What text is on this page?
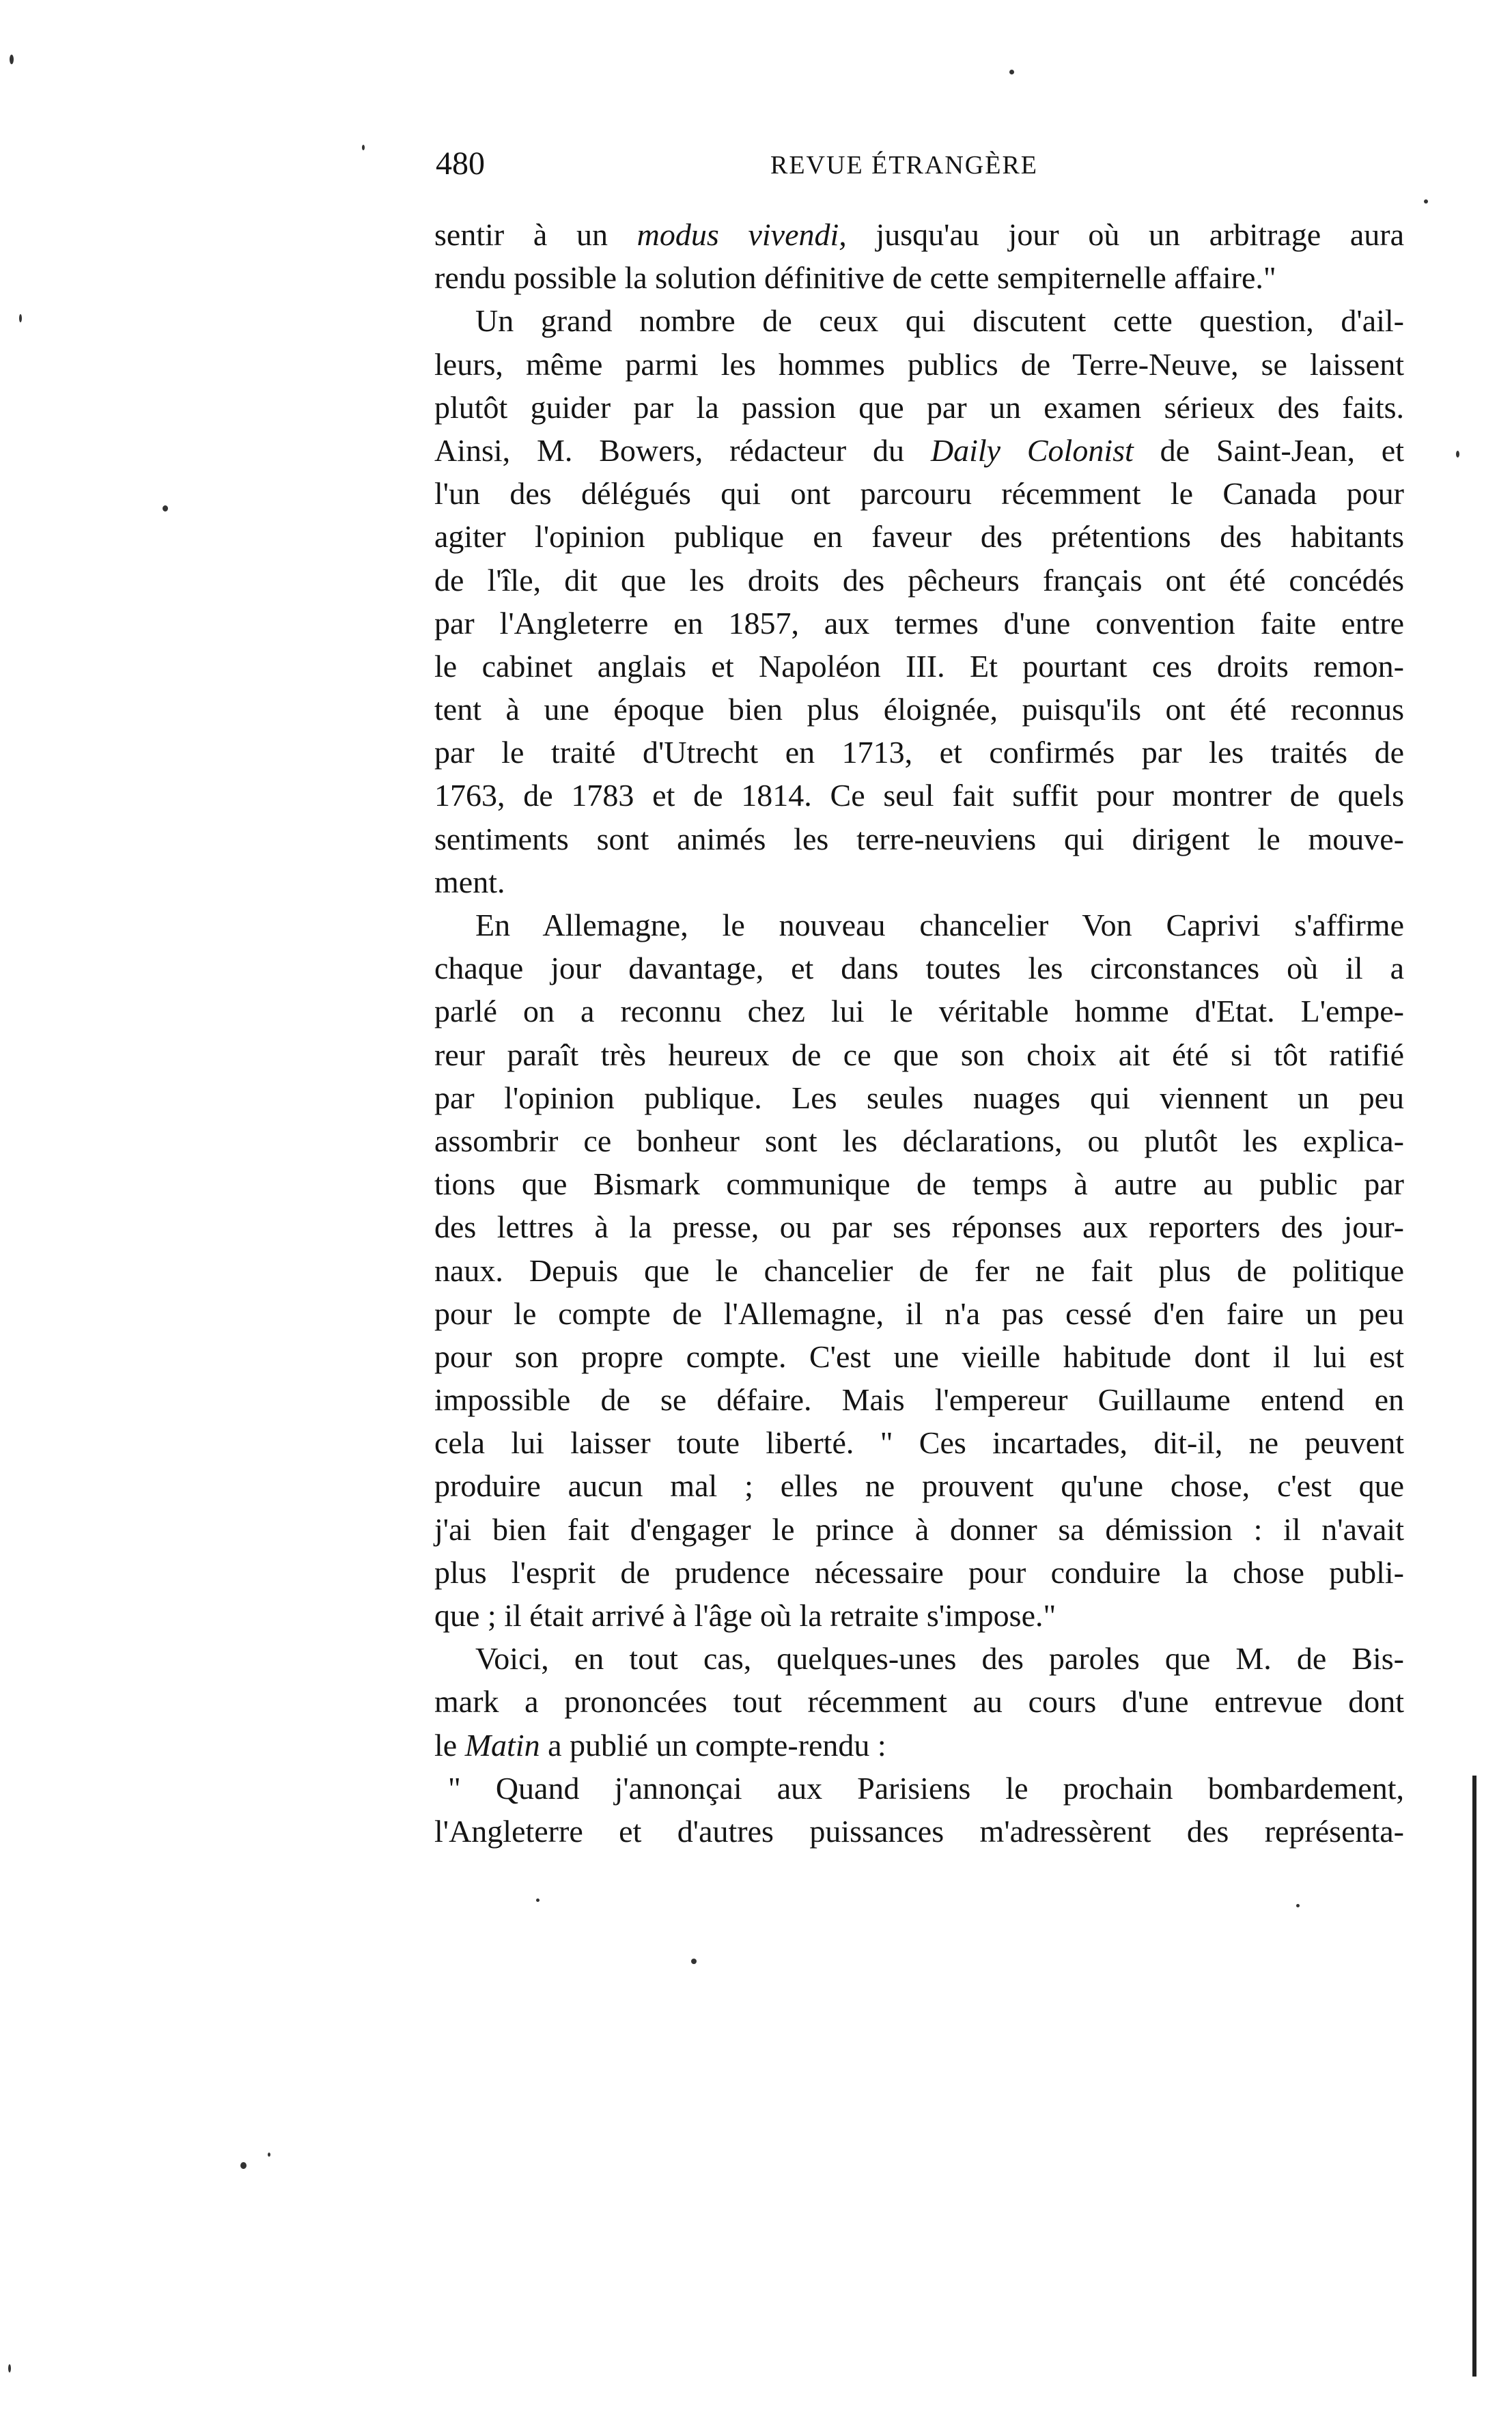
480	REVUE ÉTRANGÈRE
sentir à un modus vivendi, jusqu'au jour où un arbitrage aura
rendu possible la solution définitive de cette sempiternelle affaire."
Un grand nombre de ceux qui discutent cette question, d'ail-
leurs, même parmi les hommes publics de Terre-Neuve, se laissent
plutôt guider par la passion que par un examen sérieux des faits.
Ainsi, M. Bowers, rédacteur du Daily Colonist de Saint-Jean, et
l'un des délégués qui ont parcouru récemment le Canada pour
agiter l'opinion publique en faveur des prétentions des habitants
de l'île, dit que les droits des pêcheurs français ont été concédés
par l'Angleterre en 1857, aux termes d'une convention faite entre
le cabinet anglais et Napoléon III. Et pourtant ces droits remon-
tent à une époque bien plus éloignée, puisqu'ils ont été reconnus
par le traité d'Utrecht en 1713, et confirmés par les traités de
1763, de 1783 et de 1814. Ce seul fait suffit pour montrer de quels
sentiments sont animés les terre-neuviens qui dirigent le mouve-
ment.
En Allemagne, le nouveau chancelier Von Caprivi s'affirme
chaque jour davantage, et dans toutes les circonstances où il a
parlé on a reconnu chez lui le véritable homme d'Etat. L'empe-
reur paraît très heureux de ce que son choix ait été si tôt ratifié
par l'opinion publique. Les seules nuages qui viennent un peu
assombrir ce bonheur sont les déclarations, ou plutôt les explica-
tions que Bismark communique de temps à autre au public par
des lettres à la presse, ou par ses réponses aux reporters des jour-
naux. Depuis que le chancelier de fer ne fait plus de politique
pour le compte de l'Allemagne, il n'a pas cessé d'en faire un peu
pour son propre compte. C'est une vieille habitude dont il lui est
impossible de se défaire. Mais l'empereur Guillaume entend en
cela lui laisser toute liberté. " Ces incartades, dit-il, ne peuvent
produire aucun mal ; elles ne prouvent qu'une chose, c'est que
j'ai bien fait d'engager le prince à donner sa démission : il n'avait
plus l'esprit de prudence nécessaire pour conduire la chose publi-
que ; il était arrivé à l'âge où la retraite s'impose."
Voici, en tout cas, quelques-unes des paroles que M. de Bis-
mark a prononcées tout récemment au cours d'une entrevue dont
le Matin a publié un compte-rendu :
" Quand j'annonçai aux Parisiens le prochain bombardement,
l'Angleterre et d'autres puissances m'adressèrent des représenta-
